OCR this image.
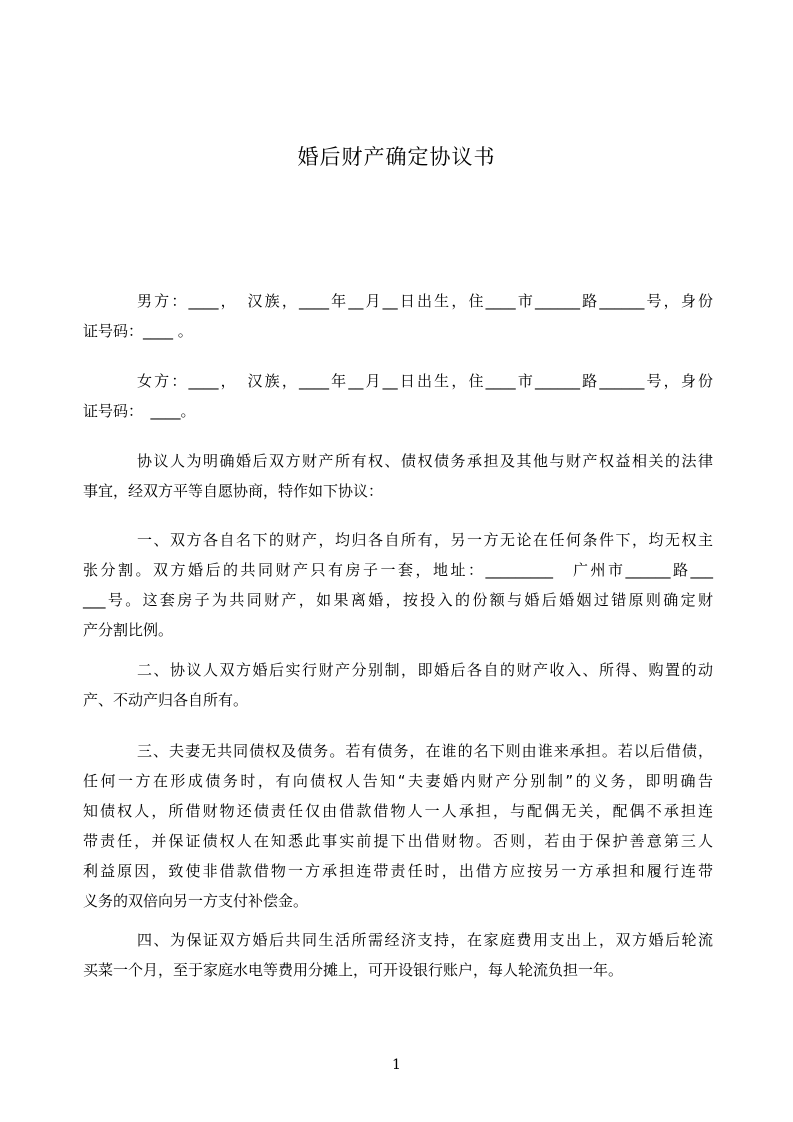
婚后财产确定协议书

男方：____，　汉族，____年__月__日出生，住____市______路______号，身份
证号码：____ 。

女方：____，　汉族，____年__月__日出生，住____市______路______号，身份
证号码：　____。

协议人为明确婚后双方财产所有权、债权债务承担及其他与财产权益相关的法律
事宜，经双方平等自愿协商，特作如下协议：

一、双方各自名下的财产，均归各自所有，另一方无论在任何条件下，均无权主
张分割。双方婚后的共同财产只有房子一套，地址：_________　广州市______路___
___号。这套房子为共同财产，如果离婚，按投入的份额与婚后婚姻过错原则确定财
产分割比例。

二、协议人双方婚后实行财产分别制，即婚后各自的财产收入、所得、购置的动
产、不动产归各自所有。

三、夫妻无共同债权及债务。若有债务，在谁的名下则由谁来承担。若以后借债，
任何一方在形成债务时，有向债权人告知“夫妻婚内财产分别制”的义务，即明确告
知债权人，所借财物还债责任仅由借款借物人一人承担，与配偶无关，配偶不承担连
带责任，并保证债权人在知悉此事实前提下出借财物。否则，若由于保护善意第三人
利益原因，致使非借款借物一方承担连带责任时，出借方应按另一方承担和履行连带
义务的双倍向另一方支付补偿金。

四、为保证双方婚后共同生活所需经济支持，在家庭费用支出上，双方婚后轮流
买菜一个月，至于家庭水电等费用分摊上，可开设银行账户，每人轮流负担一年。

1
